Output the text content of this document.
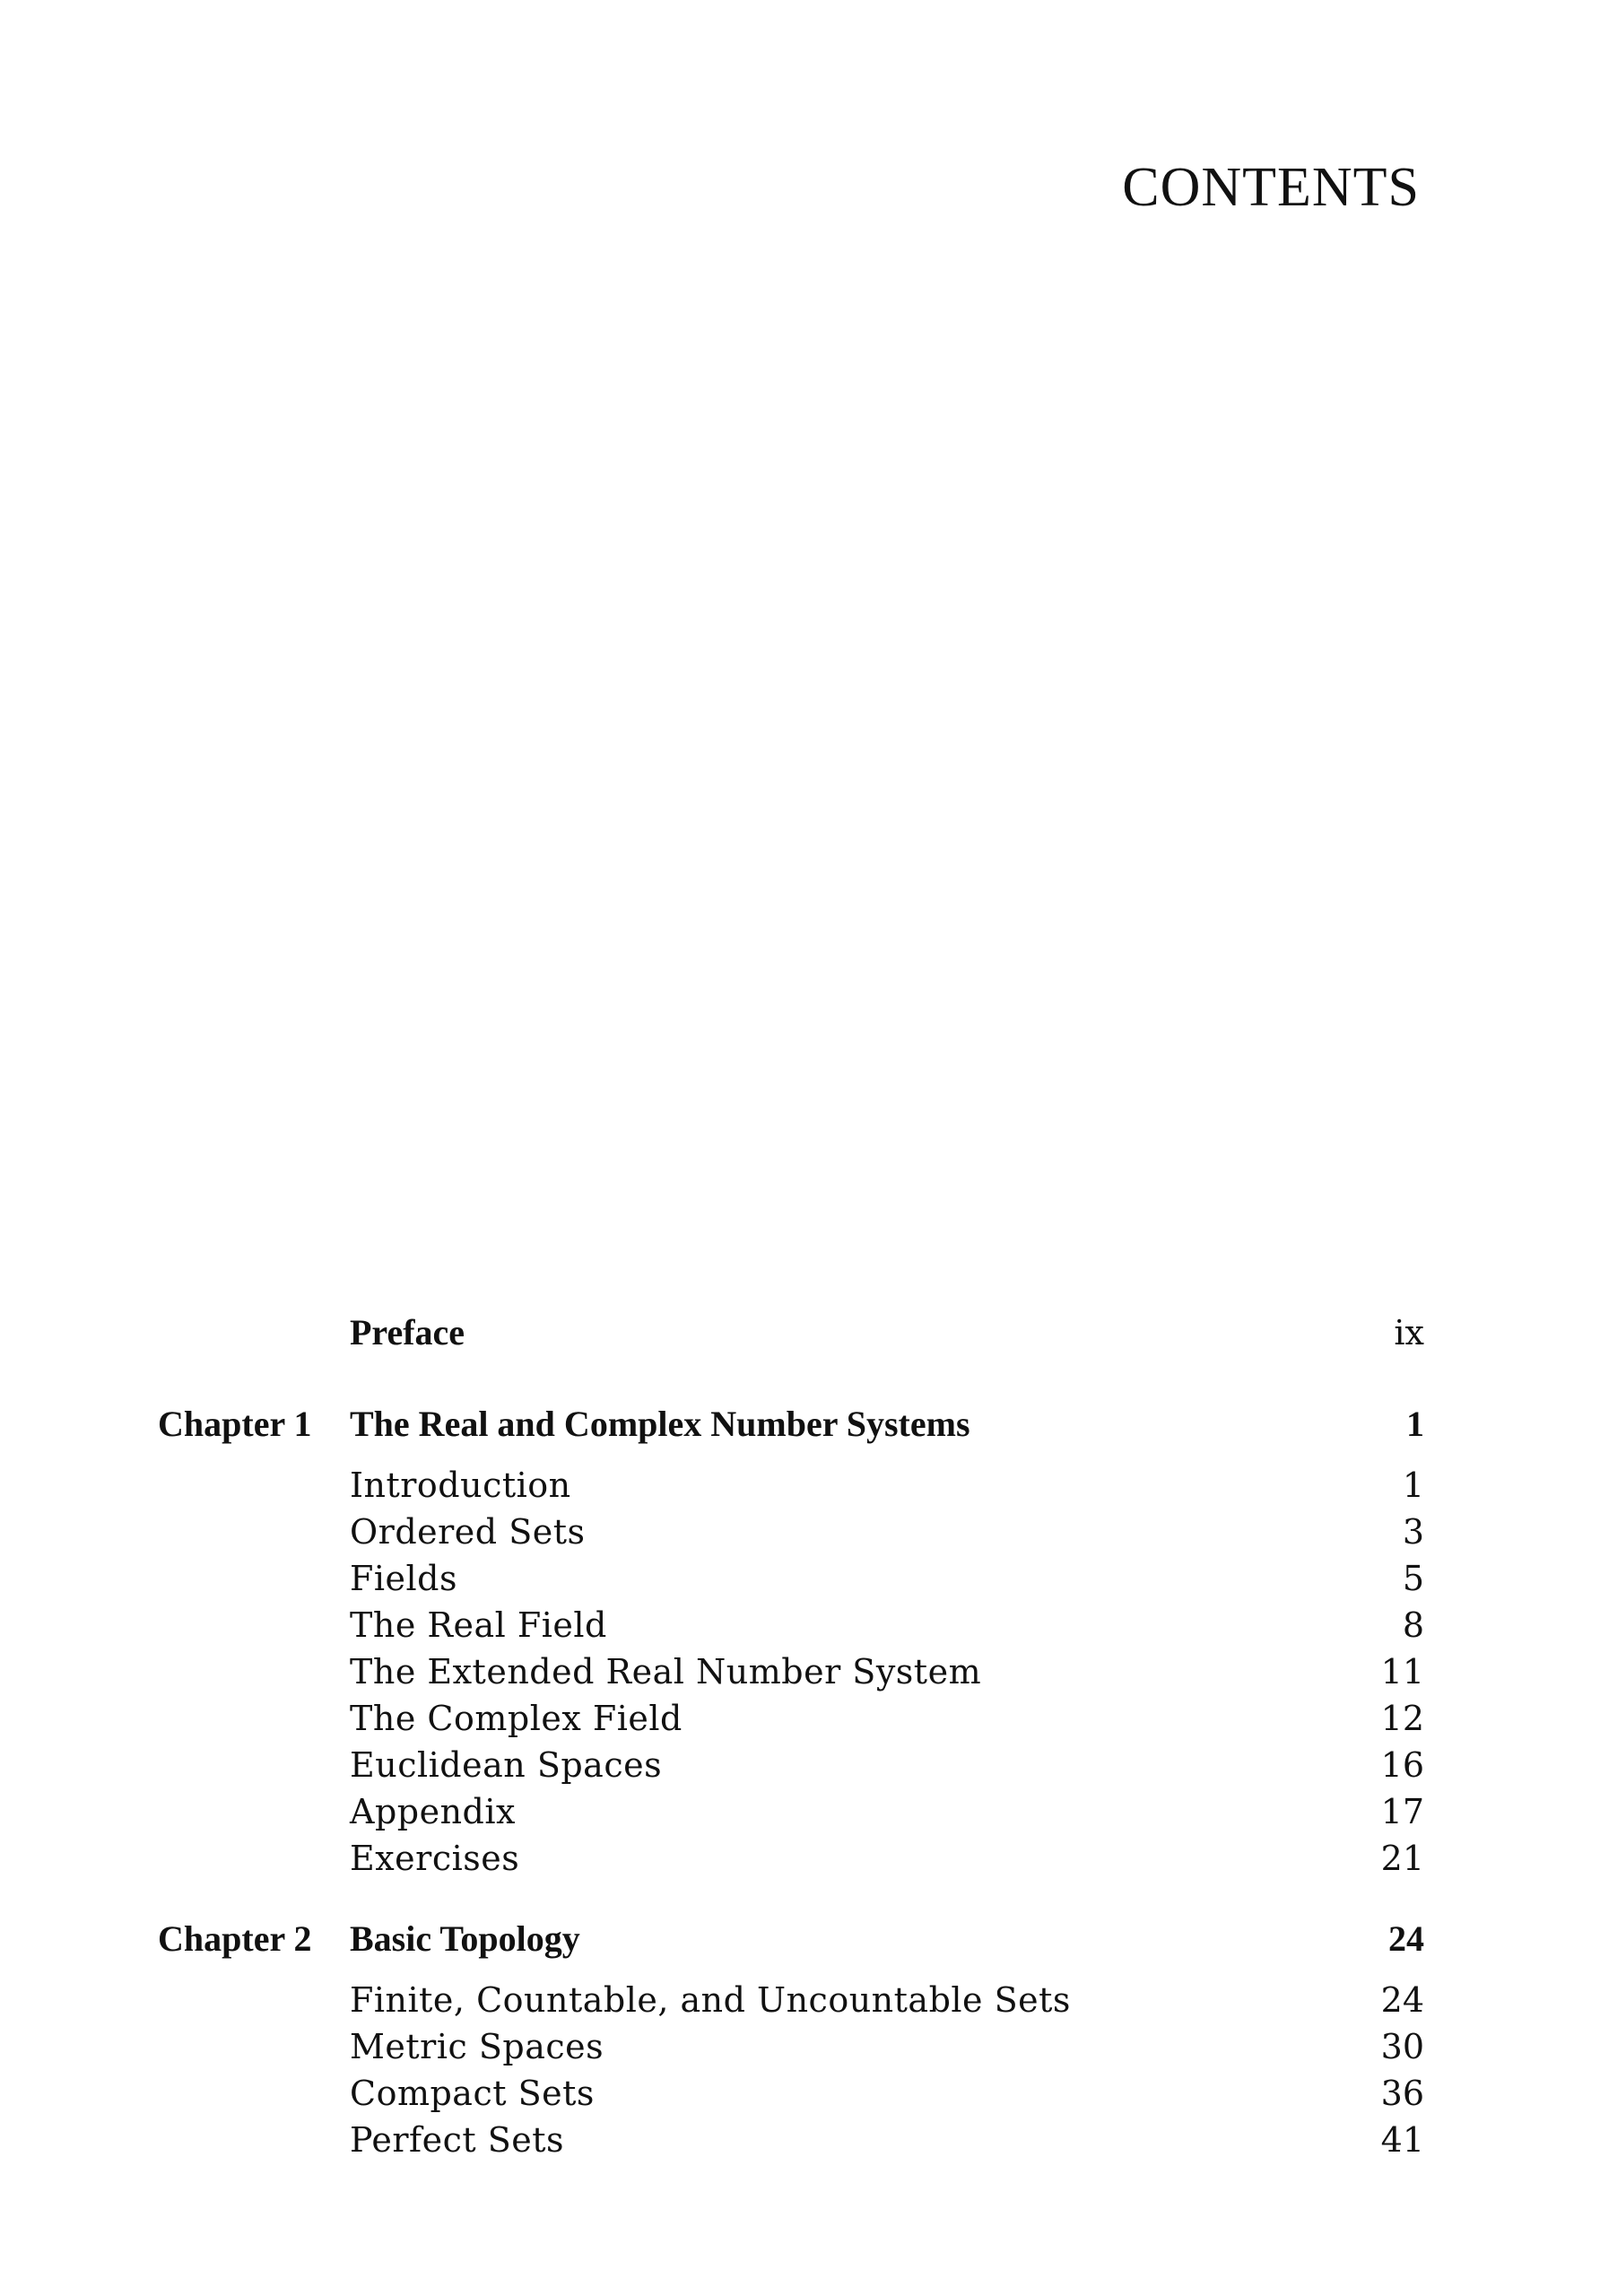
CONTENTS
Preface	ix
Chapter 1 The Real and Complex Number Systems	1
Introduction	1
Ordered Sets	3
Fields	5
The Real Field	8
The Extended Real Number System	11
The Complex Field	12
Euclidean Spaces	16
Appendix	17
Exercises	21
Chapter 2 Basic Topology	24
Finite, Countable, and Uncountable Sets	24
Metric Spaces	30
Compact Sets	36
Perfect Sets	41
